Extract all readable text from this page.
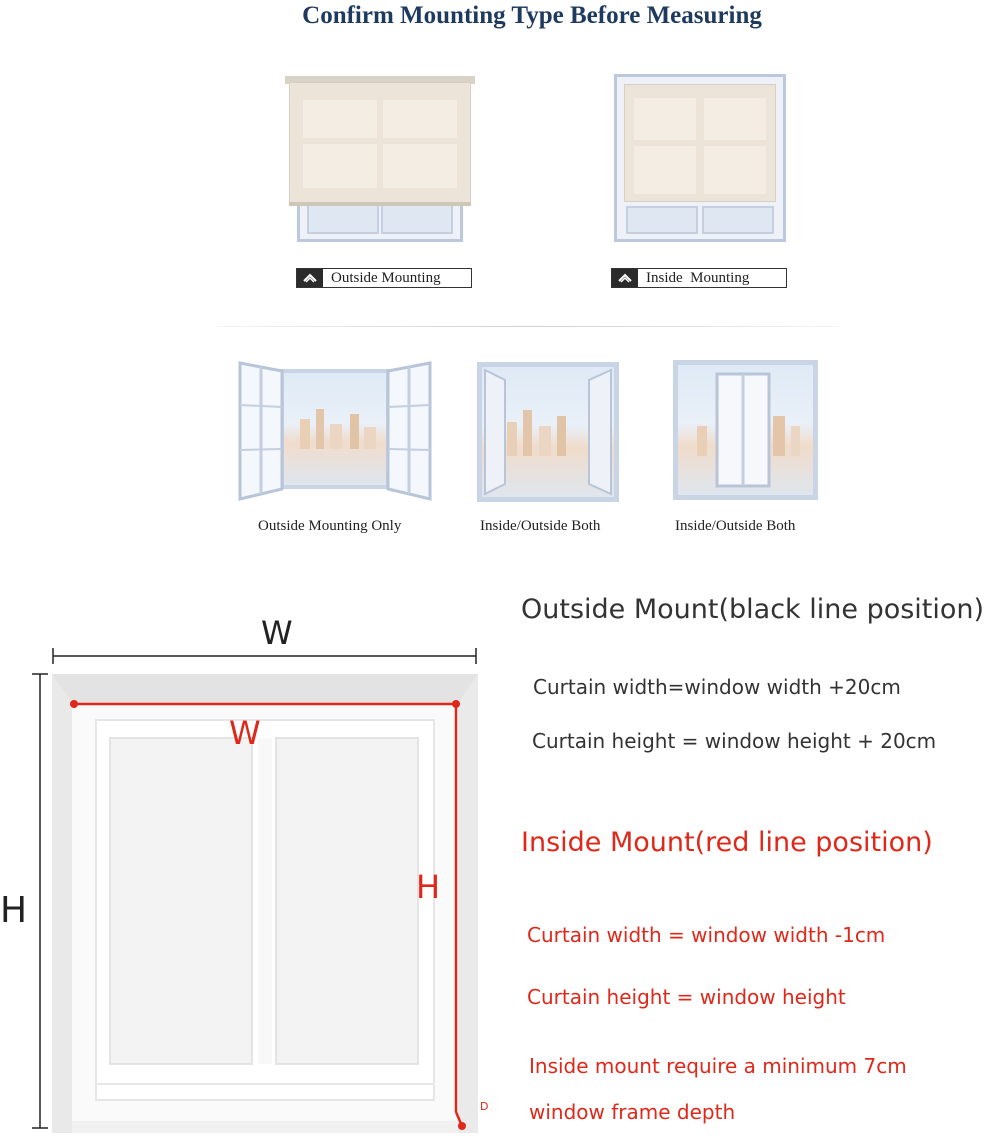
Confirm Mounting Type Before Measuring
Outside Mounting	Inside  Mounting
Outside Mounting Only	Inside/Outside Both	Inside/Outside Both
W
H
W
H
D
Outside Mount(black line position)
Curtain width=window width +20cm
Curtain height = window height + 20cm
Inside Mount(red line position)
Curtain width = window width -1cm
Curtain height = window height
Inside mount require a minimum 7cm
window frame depth
